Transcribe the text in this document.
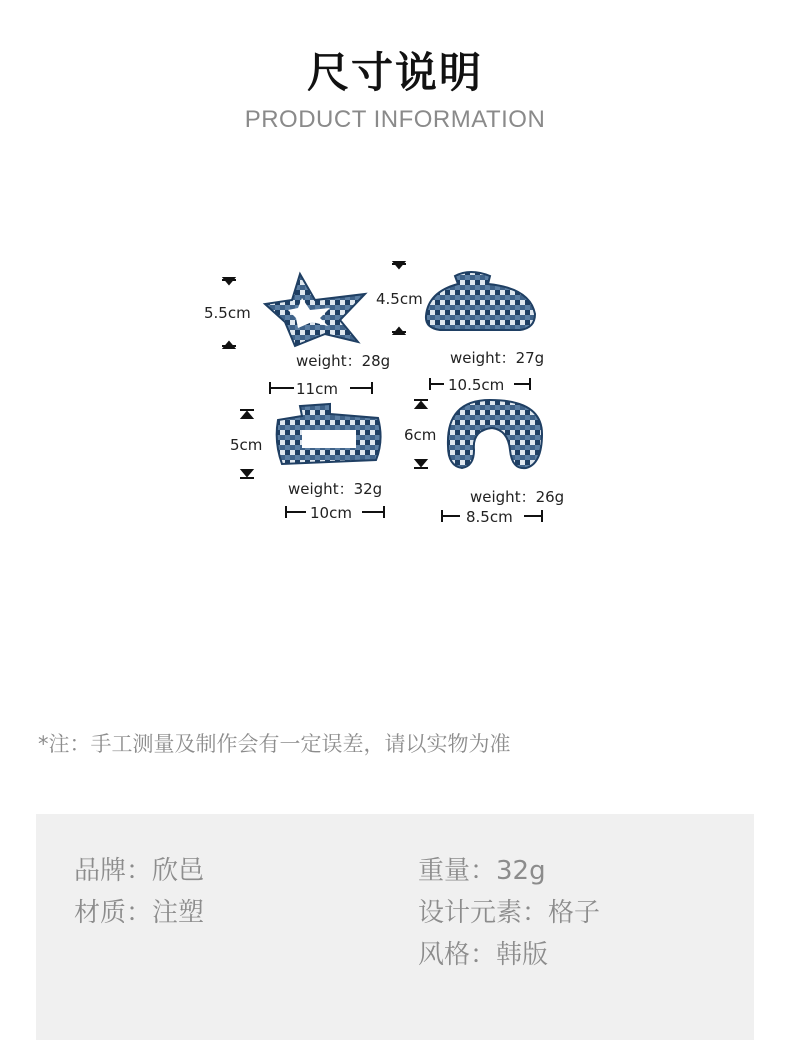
尺寸说明
PRODUCT INFORMATION
5.5cm
weight：28g
11cm
4.5cm
weight：27g
10.5cm
5cm
weight：32g
10cm
6cm
weight：26g
8.5cm
*注：手工测量及制作会有一定误差，请以实物为准
品牌：欣邑
材质：注塑
重量：32g
设计元素：格子
风格：韩版
